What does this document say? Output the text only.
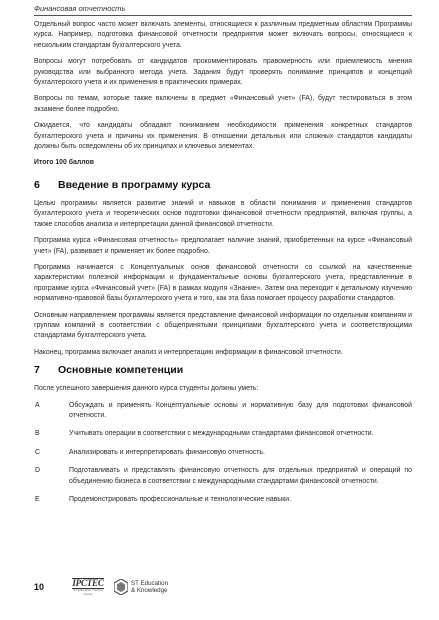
Финансовая отчетность

Отдельный вопрос часто может включать элементы, относящиеся к различным предметным областям Программы курса. Например, подготовка финансовой отчетности предприятия может включать вопросы, относящиеся к нескольким стандартам бухгалтерского учета.

Вопросы могут потребовать от кандидатов прокомментировать правомерность или приемлемость мнения руководства или выбранного метода учета. Задания будут проверять понимание принципов и концепций бухгалтерского учета и их применения в практических примерах.

Вопросы по темам, которые также включены в предмет «Финансовый учет» (FA), будут тестироваться в этом экзамене более подробно.

Ожидается, что кандидаты обладают пониманием необходимости применения конкретных стандартов бухгалтерского учета и причины их применения. В отношении детальных или сложных стандартов кандидаты должны быть осведомлены об их принципах и ключевых элементах.

Итого 100 баллов

6	Введение в программу курса

Целью программы является развитие знаний и навыков в области понимания и применения стандартов бухгалтерского учета и теоретических основ подготовки финансовой отчетности предприятий, включая группы, а также способов анализа и интерпретации данной финансовой отчетности.

Программа курса «Финансовая отчетность» предполагает наличие знаний, приобретенных на курсе «Финансовый учет» (FA), развивает и применяет их более подробно.

Программа начинается с Концептуальных основ финансовой отчетности со ссылкой на качественные характеристики полезной информации и фундаментальные основы бухгалтерского учета, представленные в программе курса «Финансовый учет» (FA) в рамках модуля «Знание». Затем она переходит к детальному изучению нормативно-правовой базы бухгалтерского учета и того, как эта база помогает процессу разработки стандартов.

Основным направлением программы является представление финансовой информации по отдельным компаниям и группам компаний в соответствии с общепринятыми принципами бухгалтерского учета и соответствующими стандартами бухгалтерского учета.

Наконец, программа включает анализ и интерпретацию информации в финансовой отчетности.

7	Основные компетенции

После успешного завершения данного курса студенты должны уметь:

A	Обсуждать и применять Концептуальные основы и нормативную базу для подготовки финансовой отчетности.
B	Учитывать операции в соответствии с международными стандартами финансовой отчетности.
C	Анализировать и интерпретировать финансовую отчетность.
D	Подготавливать и представлять финансовую отчетность для отдельных предприятий и операций по объединению бизнеса в соответствии с международными стандартами финансовой отчетности.
E	Продемонстрировать профессиональные и технологические навыки.
10	IPCTEC
ST Education Training Center
ST Education
& Knowledge
